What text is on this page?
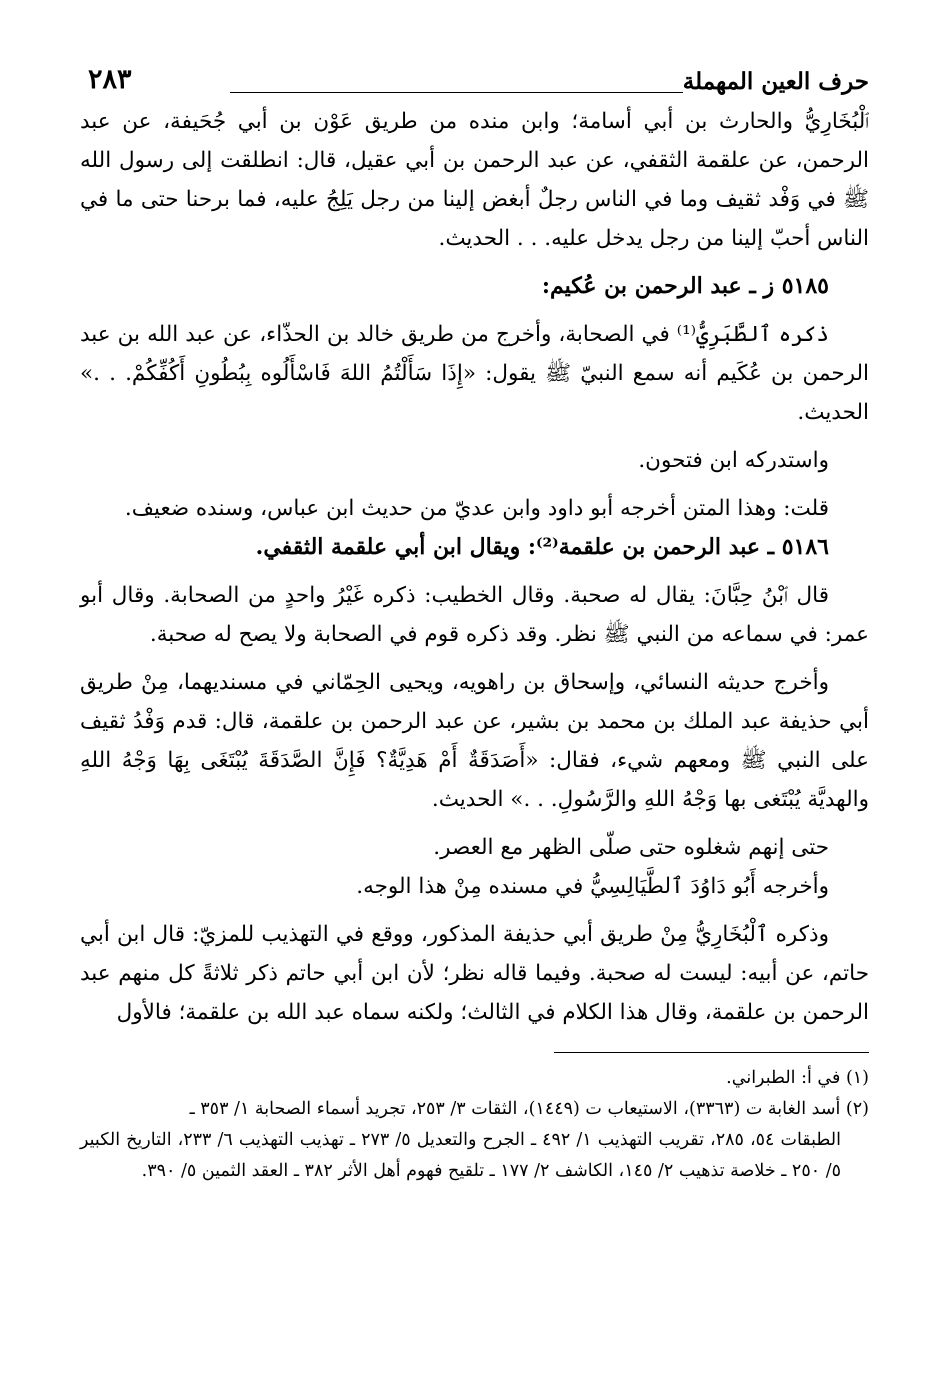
حرف العين المهملة
٢٨٣

ٱلْبُخَارِيُّ والحارث بن أبي أسامة؛ وابن منده من طريق عَوْن بن أبي جُحَيفة، عن عبد الرحمن، عن علقمة الثقفي، عن عبد الرحمن بن أبي عقيل، قال: انطلقت إلى رسول الله ﷺ في وَفْد ثقيف وما في الناس رجلٌ أبغض إلينا من رجل يَلِجُ عليه، فما برحنا حتى ما في الناس أحبّ إلينا من رجل يدخل عليه. . . الحديث.

٥١٨٥ ز ـ عبد الرحمن بن عُكيم:

ذكره ٱلطَّبَرِيُّ⁽¹⁾ في الصحابة، وأخرج من طريق خالد بن الحذّاء، عن عبد الله بن عبد الرحمن بن عُكَيم أنه سمع النبيّ ﷺ يقول: «إِذَا سَأَلْتُمُ اللهَ فَاسْأَلُوه بِبُطُونِ أَكُفِّكُمْ. . .» الحديث.

واستدركه ابن فتحون.

قلت: وهذا المتن أخرجه أبو داود وابن عديّ من حديث ابن عباس، وسنده ضعيف.

٥١٨٦ ـ عبد الرحمن بن علقمة⁽²⁾: ويقال ابن أبي علقمة الثقفي.

قال ٱبْنُ حِبَّانَ: يقال له صحبة. وقال الخطيب: ذكره غَيْرُ واحدٍ من الصحابة. وقال أبو عمر: في سماعه من النبي ﷺ نظر. وقد ذكره قوم في الصحابة ولا يصح له صحبة.

وأخرج حديثه النسائي، وإسحاق بن راهويه، ويحيى الحِمّاني في مسنديهما، مِنْ طريق أبي حذيفة عبد الملك بن محمد بن بشير، عن عبد الرحمن بن علقمة، قال: قدم وَفْدُ ثقيف على النبي ﷺ ومعهم شيء، فقال: «أَصَدَقَةٌ أَمْ هَدِيَّةٌ؟ فَإِنَّ الصَّدَقَةَ يُبْتَغَى بِهَا وَجْهُ اللهِ والهديَّة يُبْتَغى بها وَجْهُ اللهِ والرَّسُولِ. . .» الحديث.

حتى إنهم شغلوه حتى صلّى الظهر مع العصر.

وأخرجه أَبُو دَاوُدَ ٱلطَّيَالِسِيُّ في مسنده مِنْ هذا الوجه.

وذكره ٱلْبُخَارِيُّ مِنْ طريق أبي حذيفة المذكور، ووقع في التهذيب للمزيّ: قال ابن أبي حاتم، عن أبيه: ليست له صحبة. وفيما قاله نظر؛ لأن ابن أبي حاتم ذكر ثلاثةً كل منهم عبد الرحمن بن علقمة، وقال هذا الكلام في الثالث؛ ولكنه سماه عبد الله بن علقمة؛ فالأول

(١) في أ: الطبراني.

(٢) أسد الغابة ت (٣٣٦٣)، الاستيعاب ت (١٤٤٩)، الثقات ٣/ ٢٥٣، تجريد أسماء الصحابة ١/ ٣٥٣ ـ

الطبقات ٥٤، ٢٨٥، تقريب التهذيب ١/ ٤٩٢ ـ الجرح والتعديل ٥/ ٢٧٣ ـ تهذيب التهذيب ٦/ ٢٣٣، التاريخ الكبير ٥/ ٢٥٠ ـ خلاصة تذهيب ٢/ ١٤٥، الكاشف ٢/ ١٧٧ ـ تلقيح فهوم أهل الأثر ٣٨٢ ـ العقد الثمين ٥/ ٣٩٠.
